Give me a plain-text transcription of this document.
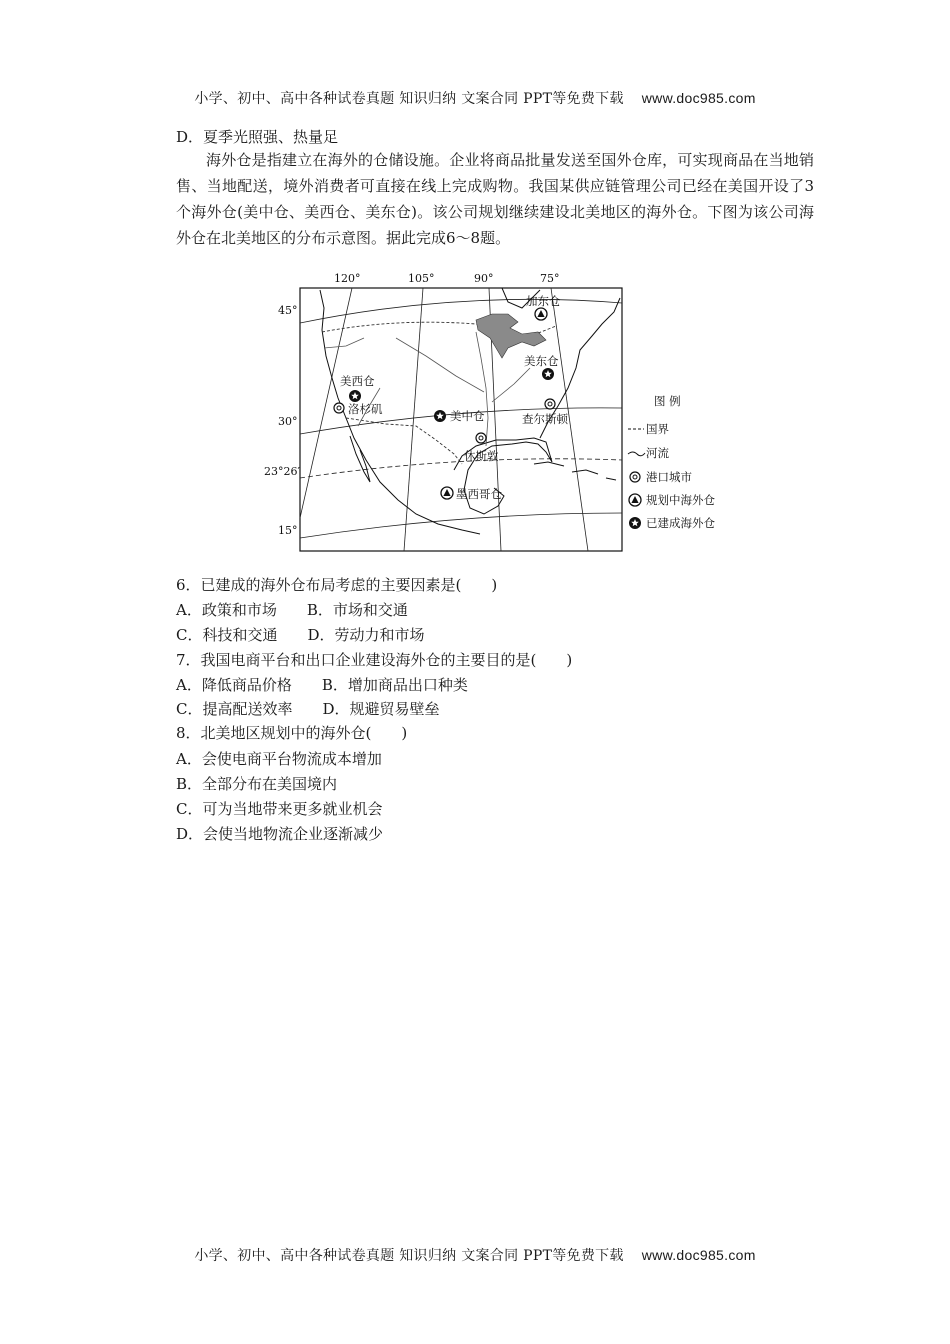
小学、初中、高中各种试卷真题 知识归纳 文案合同 PPT等免费下载 www.doc985.com
D．夏季光照强、热量足
海外仓是指建立在海外的仓储设施。企业将商品批量发送至国外仓库，可实现商品在当地销售、当地配送，境外消费者可直接在线上完成购物。我国某供应链管理公司已经在美国开设了3个海外仓(美中仓、美西仓、美东仓)。该公司规划继续建设北美地区的海外仓。下图为该公司海外仓在北美地区的分布示意图。据此完成6～8题。
120°	105°	90°	75°
45°
30°
23°26′
15°
加东仓
美东仓
美西仓
洛杉矶	美中仓	查尔斯顿
休斯敦
墨西哥仓
图 例
国界
河流
港口城市
规划中海外仓
已建成海外仓
6．已建成的海外仓布局考虑的主要因素是(　　)
A．政策和市场　　B．市场和交通
C．科技和交通　　D．劳动力和市场
7．我国电商平台和出口企业建设海外仓的主要目的是(　　)
A．降低商品价格　　B．增加商品出口种类
C．提高配送效率　　D．规避贸易壁垒
8．北美地区规划中的海外仓(　　)
A．会使电商平台物流成本增加
B．全部分布在美国境内
C．可为当地带来更多就业机会
D．会使当地物流企业逐渐减少
小学、初中、高中各种试卷真题 知识归纳 文案合同 PPT等免费下载 www.doc985.com
